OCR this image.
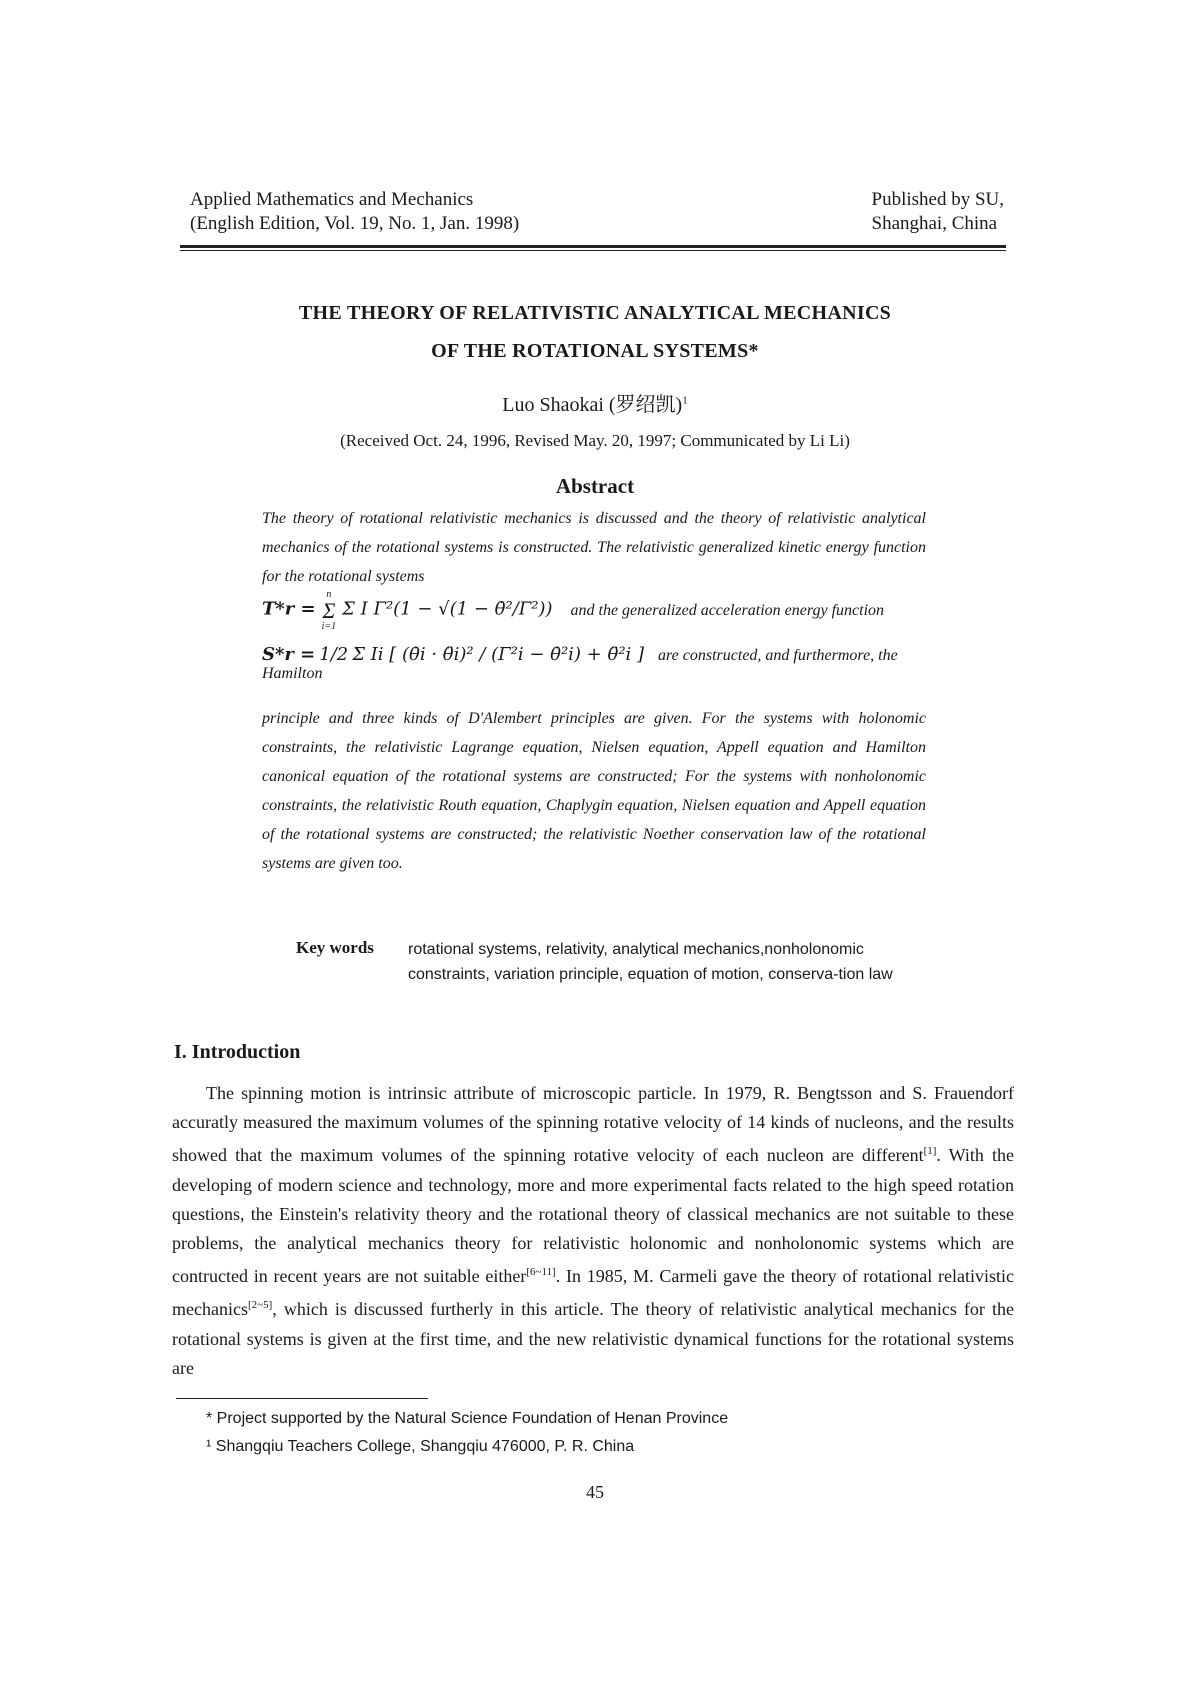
Applied Mathematics and Mechanics
(English Edition, Vol. 19, No. 1, Jan. 1998)
Published by SU,
Shanghai, China
THE THEORY OF RELATIVISTIC ANALYTICAL MECHANICS
OF THE ROTATIONAL SYSTEMS*
Luo Shaokai (罗绍凯)$^1$
(Received Oct. 24, 1996, Revised May. 20, 1997; Communicated by Li Li)
Abstract
The theory of rotational relativistic mechanics is discussed and the theory of relativistic analytical mechanics of the rotational systems is constructed. The relativistic generalized kinetic energy function for the rotational systems
T*r =
n
Σ
i=1
Σ I Γ²(1 − √(1 − θ̇²/Γ²)) and the generalized acceleration energy function
S*r = 1/2 Σ Ii [ (θ̇i · θ̈i)² / (Γ²i − θ̇²i) + θ̈²i ] are constructed, and furthermore, the Hamilton
principle and three kinds of D'Alembert principles are given. For the systems with holonomic constraints, the relativistic Lagrange equation, Nielsen equation, Appell equation and Hamilton canonical equation of the rotational systems are constructed; For the systems with nonholonomic constraints, the relativistic Routh equation, Chaplygin equation, Nielsen equation and Appell equation of the rotational systems are constructed; the relativistic Noether conservation law of the rotational systems are given too.
Key words rotational systems, relativity, analytical mechanics,nonholonomic constraints, variation principle, equation of motion, conserva-tion law
I. Introduction
The spinning motion is intrinsic attribute of microscopic particle. In 1979, R. Bengtsson and S. Frauendorf accuratly measured the maximum volumes of the spinning rotative velocity of 14 kinds of nucleons, and the results showed that the maximum volumes of the spinning rotative velocity of each nucleon are different[1]. With the developing of modern science and technology, more and more experimental facts related to the high speed rotation questions, the Einstein's relativity theory and the rotational theory of classical mechanics are not suitable to these problems, the analytical mechanics theory for relativistic holonomic and nonholonomic systems which are contructed in recent years are not suitable either[6~11]. In 1985, M. Carmeli gave the theory of rotational relativistic mechanics[2~5], which is discussed furtherly in this article. The theory of relativistic analytical mechanics for the rotational systems is given at the first time, and the new relativistic dynamical functions for the rotational systems are
* Project supported by the Natural Science Foundation of Henan Province
¹ Shangqiu Teachers College, Shangqiu 476000, P. R. China
45
